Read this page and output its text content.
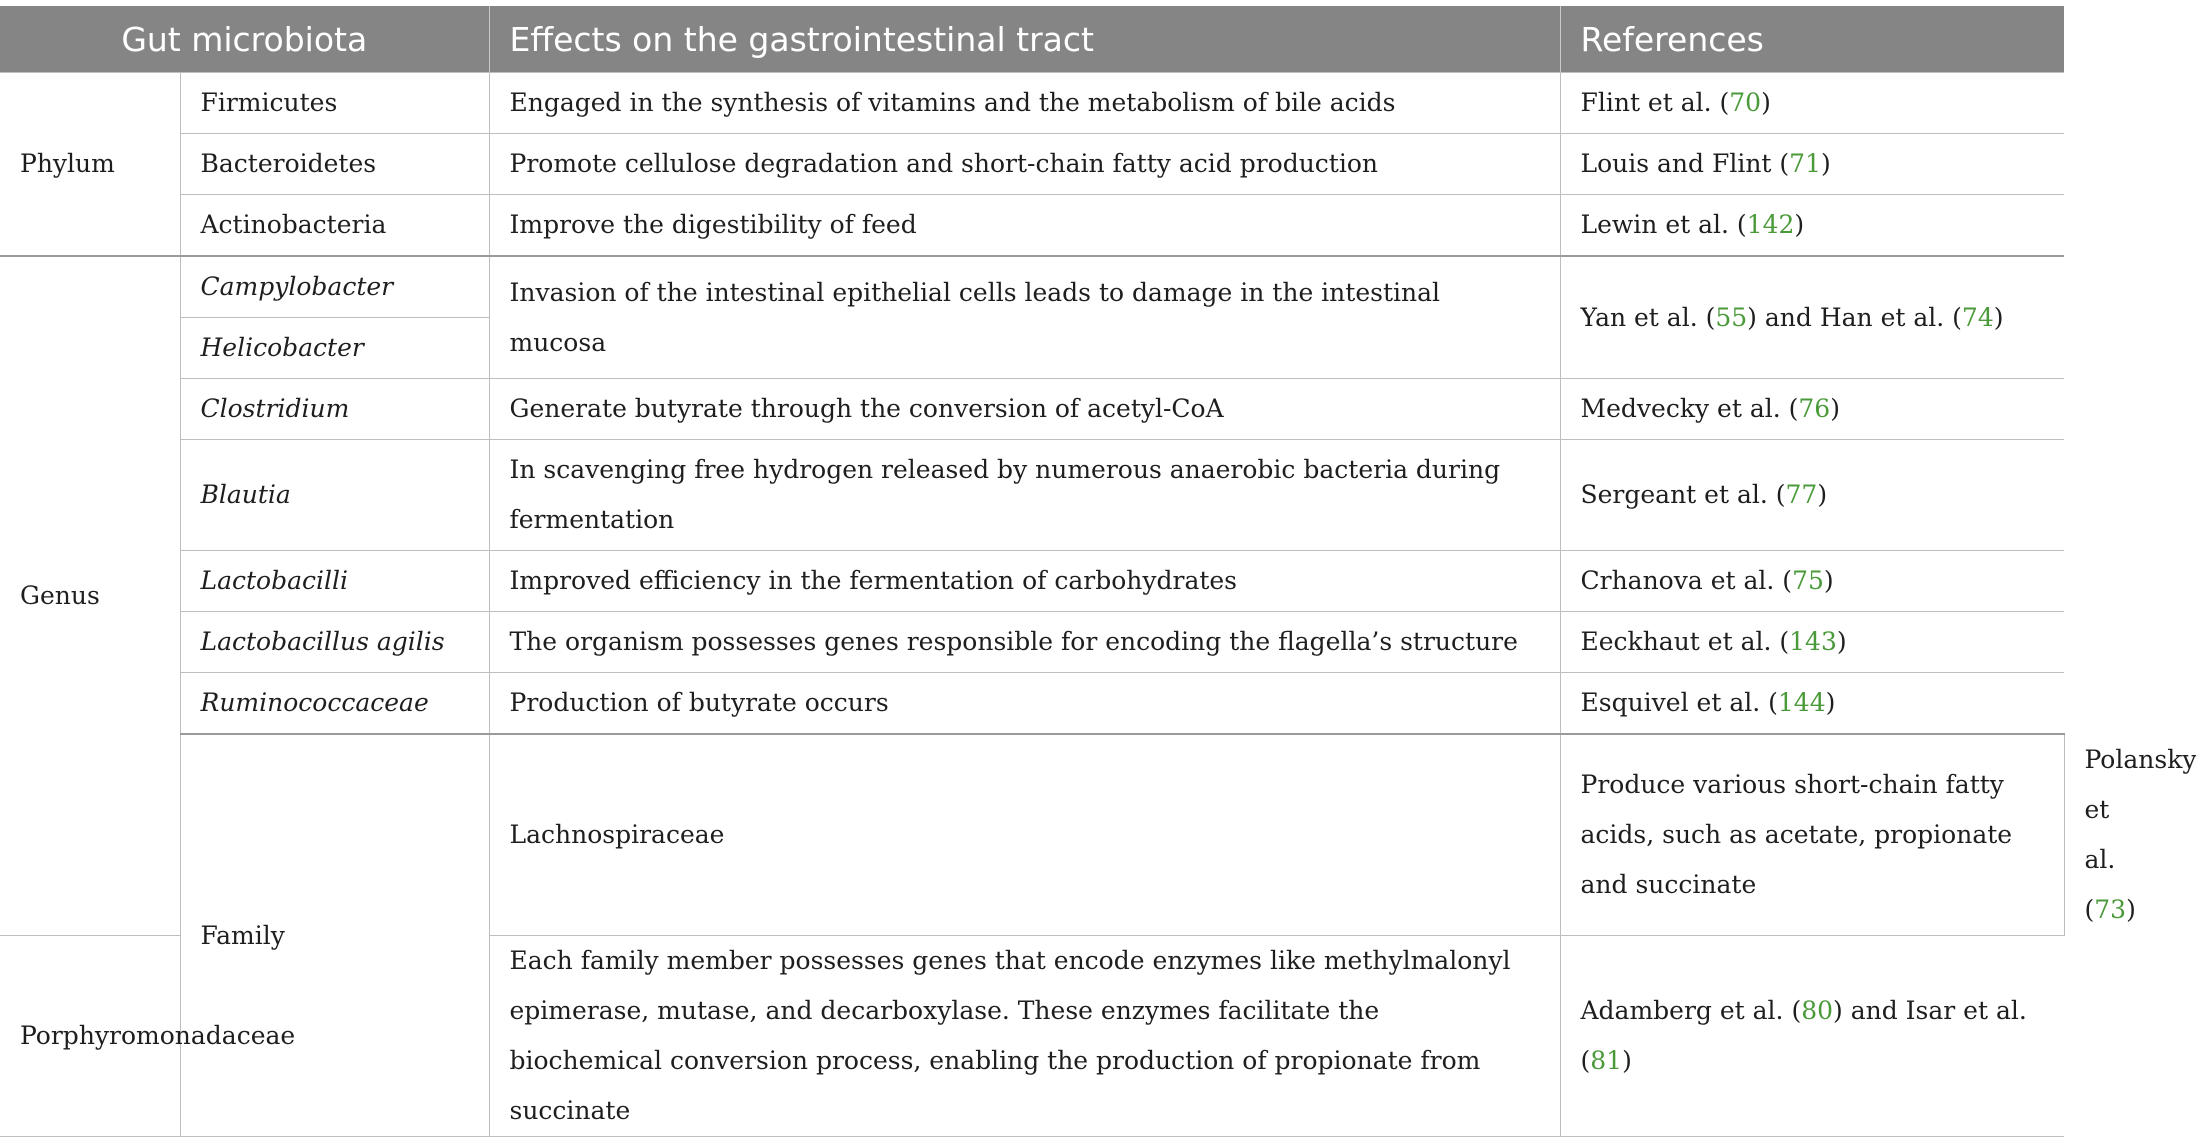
Gut microbiota		Effects on the gastrointestinal tract	References	
Phylum	Firmicutes	Engaged in the synthesis of vitamins and the metabolism of bile acids	Flint et al. (70)	
	Bacteroidetes	Promote cellulose degradation and short-chain fatty acid production	Louis and Flint (71)	
	Actinobacteria	Improve the digestibility of feed	Lewin et al. (142)	
Genus	Campylobacter	Invasion of the intestinal epithelial cells leads to damage in the intestinal mucosa	Yan et al. (55) and Han et al. (74)	
	Helicobacter			
	Clostridium	Generate butyrate through the conversion of acetyl-CoA	Medvecky et al. (76)	
	Blautia	In scavenging free hydrogen released by numerous anaerobic bacteria during fermentation	Sergeant et al. (77)	
	Lactobacilli	Improved efficiency in the fermentation of carbohydrates	Crhanova et al. (75)	
	Lactobacillus agilis	The organism possesses genes responsible for encoding the flagella’s structure	Eeckhaut et al. (143)	
	Ruminococcaceae	Production of butyrate occurs	Esquivel et al. (144)	
	Family	Lachnospiraceae	Produce various short-chain fatty acids, such as acetate, propionate and succinate	Polansky et al. (73)
Porphyromonadaceae		Each family member possesses genes that encode enzymes like methylmalonyl epimerase, mutase, and decarboxylase. These enzymes facilitate the biochemical conversion process, enabling the production of propionate from succinate	Adamberg et al. (80) and Isar et al. (81)	
